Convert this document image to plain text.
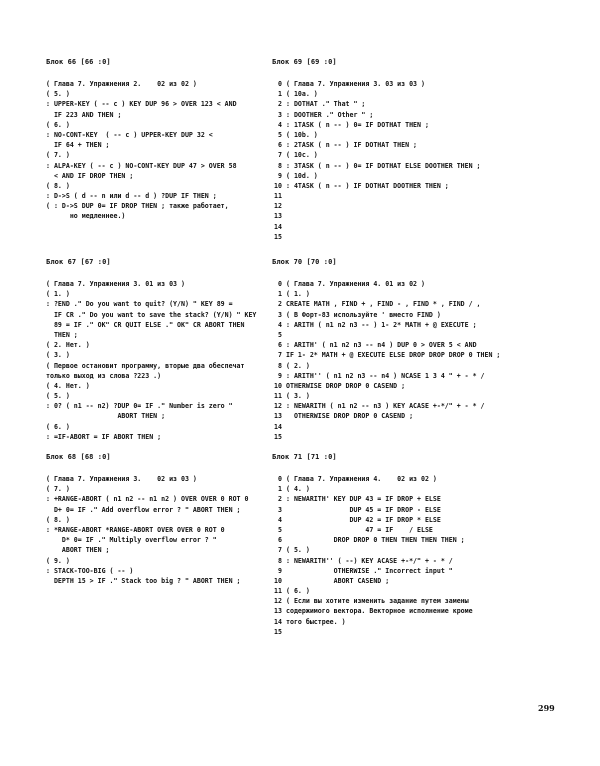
Блок 66 [66 :0]
( Глава 7. Упражнения 2.    02 из 02 )
( 5. )
: UPPER-KEY ( -- c ) KEY DUP 96 > OVER 123 < AND
IF 223 AND THEN ;
( 6. )
: NO-CONT-KEY  ( -- c ) UPPER-KEY DUP 32 <
IF 64 + THEN ;
( 7. )
: ALPA-KEY ( -- c ) NO-CONT-KEY DUP 47 > OVER 58
< AND IF DROP THEN ;
( 8. )
: D->S ( d -- n или d -- d ) ?DUP IF THEN ;
( : D->S DUP 0= IF DROP THEN ; также работает,
но медленнее.)
Блок 69 [69 :0]
0 ( Глава 7. Упражнения 3. 03 из 03 )
1 ( 10a. )
2 : DOTHAT ." That " ;
3 : DOOTHER ." Other " ;
4 : 1TASK ( n -- ) 0= IF DOTHAT THEN ;
5 ( 10b. )
6 : 2TASK ( n -- ) IF DOTHAT THEN ;
7 ( 10c. )
8 : 3TASK ( n -- ) 0= IF DOTHAT ELSE DOOTHER THEN ;
9 ( 10d. )
10 : 4TASK ( n -- ) IF DOTHAT DOOTHER THEN ;
11
12
13
14
15
Блок 67 [67 :0]
( Глава 7. Упражнения 3. 01 из 03 )
( 1. )
: ?END ." Do you want to quit? (Y/N) " KEY 89 =
IF CR ." Do you want to save the stack? (Y/N) " KEY
89 = IF ." OK" CR QUIT ELSE ." OK" CR ABORT THEN
THEN ;
( 2. Нет. )
( 3. )
( Первое остановит программу, вторые два обеспечат
только выход из слова ?223 .)
( 4. Нет. )
( 5. )
: 0? ( n1 -- n2) ?DUP 0= IF ." Number is zero "
ABORT THEN ;
( 6. )
: =IF-ABORT = IF ABORT THEN ;
Блок 70 [70 :0]
0 ( Глава 7. Упражнения 4. 01 из 02 )
1 ( 1. )
2 CREATE MATH , FIND + , FIND - , FIND * , FIND / ,
3 ( В Форт-83 используйте ' вместо FIND )
4 : ARITH ( n1 n2 n3 -- ) 1- 2* MATH + @ EXECUTE ;
5
6 : ARITH' ( n1 n2 n3 -- n4 ) DUP 0 > OVER 5 < AND
7 IF 1- 2* MATH + @ EXECUTE ELSE DROP DROP DROP 0 THEN ;
8 ( 2. )
9 : ARITH'' ( n1 n2 n3 -- n4 ) NCASE 1 3 4 " + - * /
10 OTHERWISE DROP DROP 0 CASEND ;
11 ( 3. )
12 : NEWARITH ( n1 n2 -- n3 ) KEY ACASE +-*/" + - * /
13  OTHERWISE DROP DROP 0 CASEND ;
14
15
Блок 68 [68 :0]
( Глава 7. Упражнения 3.    02 из 03 )
( 7. )
: +RANGE-ABORT ( n1 n2 -- n1 n2 ) OVER OVER 0 ROT 0
D+ 0= IF ." Add overflow error ? " ABORT THEN ;
( 8. )
: *RANGE-ABORT *RANGE-ABORT OVER OVER 0 ROT 0
D* 0= IF ." Multiply overflow error ? "
ABORT THEN ;
( 9. )
: STACK-TOO-BIG ( -- )
DEPTH 15 > IF ." Stack too big ? " ABORT THEN ;
Блок 71 [71 :0]
0 ( Глава 7. Упражнения 4.    02 из 02 )
1 ( 4. )
2 : NEWARITH' KEY DUP 43 = IF DROP + ELSE
3                DUP 45 = IF DROP - ELSE
4                DUP 42 = IF DROP * ELSE
5                    47 = IF    / ELSE
6            DROP DROP 0 THEN THEN THEN THEN ;
7 ( 5. )
8 : NEWARITH'' ( --) KEY ACASE +-*/" + - * /
9            OTHERWISE ." Incorrect input "
10            ABORT CASEND ;
11 ( 6. )
12 ( Если вы хотите изменить задание путем замены
13 содержимого вектора. Векторное исполнение кроме
14 того быстрее. )
15
299
